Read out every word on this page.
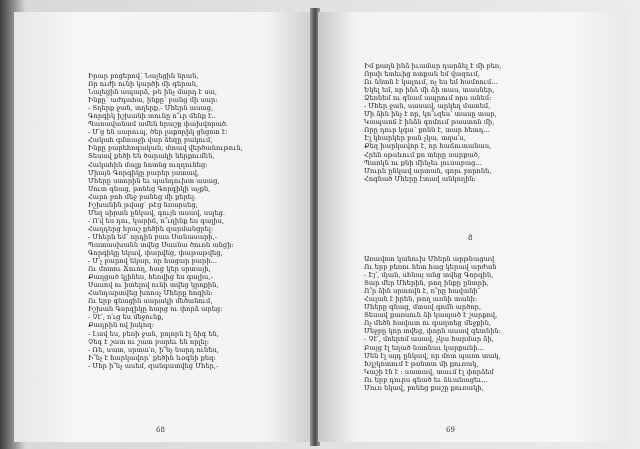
Իրար բոցերով՝ Նալեցին նրան,
Որ ուժի ունի կարծի մի գերան,
Նալեցին ապարձ, թե ինչ մարդ է սա,
Ինքը՝ աժդահա, ինքը՝ բանց մի սար:
- Տղերք ջան, տղերք,- Մհերն ասաց,
Գորգիկ իշխանի տունը ո՞ւր մենք է..
Պառավանամ ամեն հրաշք փախվորած.
- Մ՛ց են սարուպ, ծեր լաքորիկ ցնցոտ է:
Հակահ գմտաջի վար ձեզը բակում,
Ինքը բարեհոգական, մտավ վերծանութուն,
Տեսավ քեծի են ծարակի ներքումեն,
Հակահին մալք նոտնց ուղղունեց:
Միայն Գորգիկը բարեր յատավ,
Մհերը ստորին եւ պանդուխտ ասաց,
Սուտ գնաց, թոնեց Գորգիկի աչքն,
Հարո բոհ մեջ բանեց մի քերել.
Իշխանին թվաց՝ թէց նռարսեց,
Մեզ սիրտն ընկավ, գույն ասավ, սպեց.
- Ո՛վ ես դու, կարիճ, ո՞ւղինք ես գալիս,
Հաղդերց հրաշ քեծին զարմանցրել:
- Մհերն եմ՝ որդին բաս Սանասարի,-
Պատասխանն տվեց Սասնա ծուռն անցի:
Գորգիկը եկավ, փարվեց, փաթաթվեց,
- Մ՛չ բարով եկար, որ հացար բարի...
Ու մոտու Ճուող, հաց կեր սրտայի,
Քաղցած կլինես, հեռվից ես գալիս,-
Սասով ու իտելով ունի տվեց կրոքին,
Հանդարտվեց խոոսչ Մհերը հոգին:
Ու երբ գնացին սարակի մեծանում,
Իշխան Գորգիկը հարց ու փորձ արեց:
- Չէ՛, ո՛ւց ես մեջունք,
Քադրին ով իսկոզ:
- Լավ ես, բեռի ջան, բոլորն էլ ձիգ են,
Չեգ է շատ ու շատ բարեւ են որլել:
- Ռե, սատ, սրտա՛ռ, ի՞նչ նարդ ունես,
Ի՞նչ է հարկավոր՝ քեծին ևօգնի քեզ:
- Մհր ի՞նչ ասեմ, զանգատվեց Մհեր,-
68
Իմ քաղն ինձ իւամար դարձել է մի բեռ,
Որսի ետեւից ոտքան եմ վազում,
Ու ննտն է կալում, ոչ ես եմ համռում...
Եկել եմ, որ ինձ մի ձի տաս, տասներ,
Ձեռնեմ ու գնամ ապրում որս անեմ:
- Մհեր ջան, սասավ, արկեղ մատեմ,
Մի ձին ինչ է որ, կո՞ւզես՝ տասը տար,
Կապաոճ է ինձն գոմում թաստոն մի,
Որը դուր կգա՝ քոնն է, տար հետդ...
Էլ կհարկեր բան չկա, տղա՛ս,
Քեզ իարկավոր է, որ հաճուտանաս,
Հրեն օթսևում քո տերը սարքած,
Պառկն ու քնի մինչեւ լուսաբաց...
Մուրն ընկավ արտան, գորւ բորոնե,
Հոգնած Մհերը էտավ անկողին:
8
Առավոտ կանուխ Մհերն արթնացավ
Ու երբ բեռու հետ հաց կերավ արժան
- Էյ՛, մյան, սհնայ անց տվեց Գորգին,
Տար մեր Մհերին, թող ինքը ընտրի,
Ո՞ր ձին սրտովն է, ո՞րը հավանի՜
Հալան է իրեն, թող առնի տանի:
Մհերը գնաց, մտավ գոմն արծոր,
Տեսավ քառսուն ձի կապած է շարքով,
Ոչ մեծն հավատ ու գաղտեց մեջքին,
Մեջբը կոր տվեց, փորն ասավ գետնին:
- Չէ՛, մոերոմ ասավ, չկա հարմար ձի,
Բայց էլ եղած նաոնաւ կարքանի...
Մեն էլ այդ ընկավ, որ մոտ պառո տակ,
Խլշկոտում է թռնտտ մի քուռակ,
Կաշի էն է ։ սատավ, տաւմ էլ փորձեմ
Ու երբ դուրս գնած եւ ձևանացեւ...
Մուռ եկավ, բոնեց քաշը քուռակի,
69
